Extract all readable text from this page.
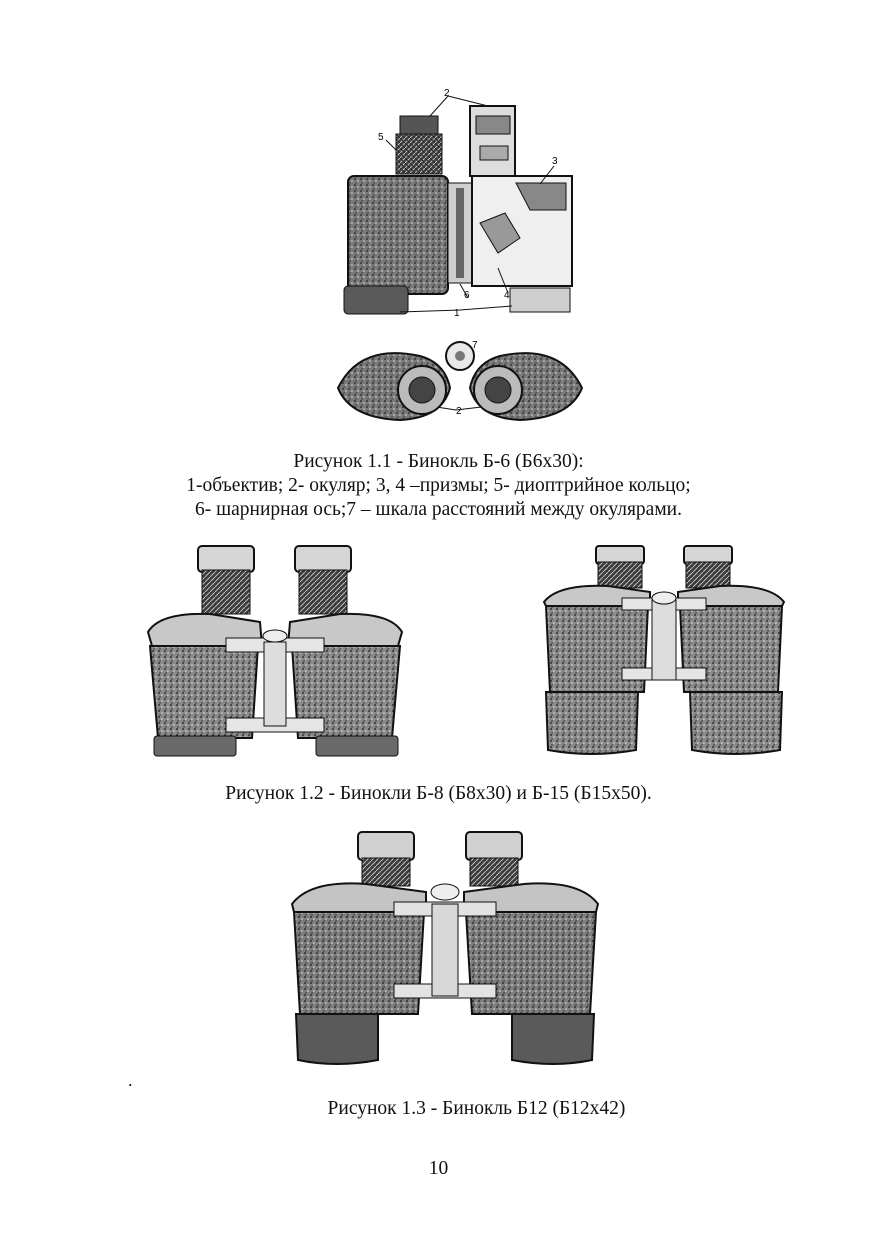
2
5
3
6	4
1
7
2
Рисунок 1.1 - Бинокль Б-6 (Б6х30):
1-объектив; 2- окуляр; 3, 4 –призмы; 5- диоптрийное кольцо;
6- шарнирная ось;7 – шкала расстояний между окулярами.
Рисунок 1.2 - Бинокли Б-8 (Б8х30) и Б-15 (Б15х50).
.
Рисунок 1.3 - Бинокль Б12 (Б12х42)
10
